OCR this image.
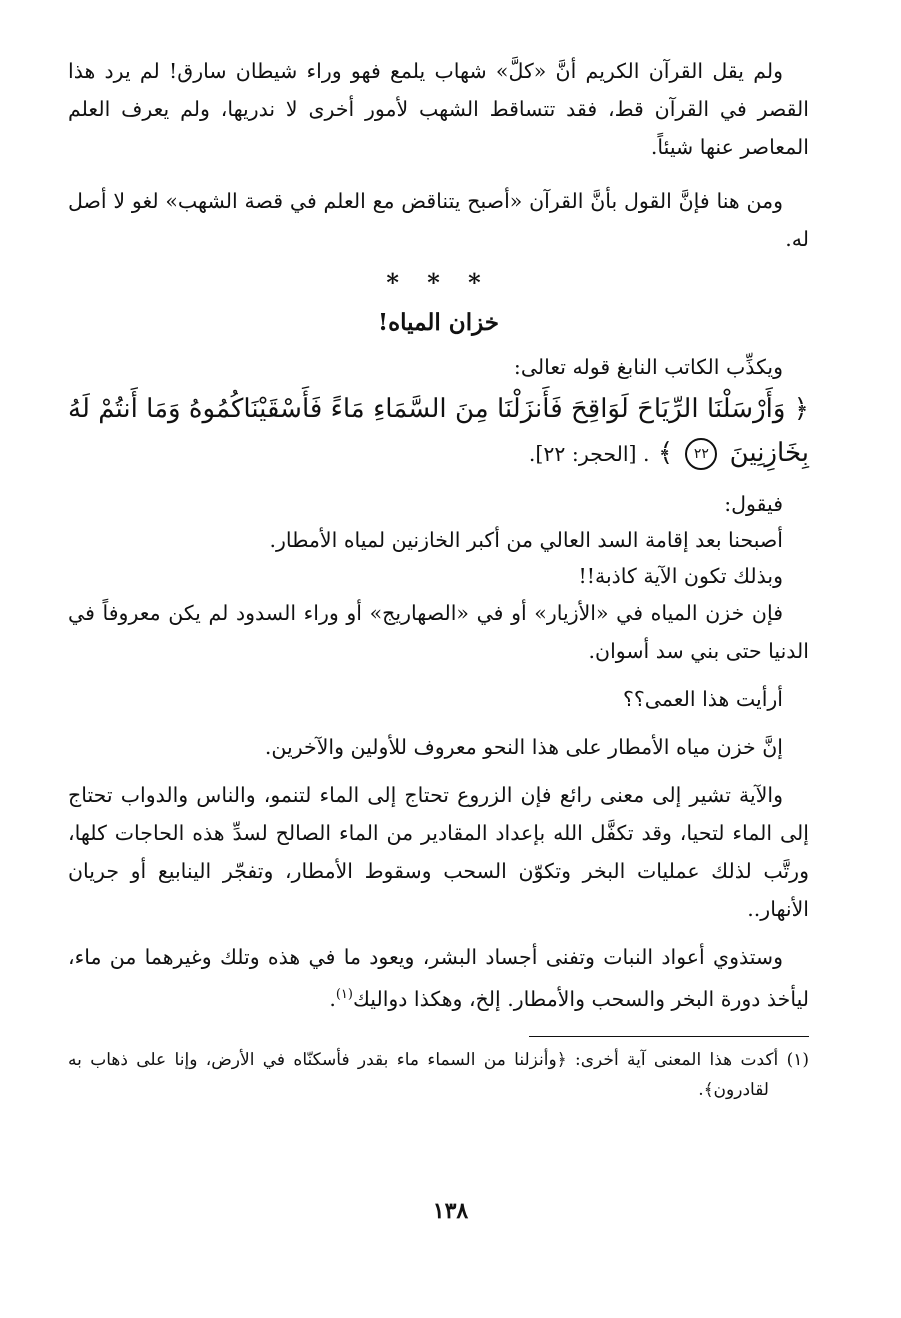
ولم يقل القرآن الكريم أنَّ «كلَّ» شهاب يلمع فهو وراء شيطان سارق! لم يرد هذا القصر في القرآن قط، فقد تتساقط الشهب لأمور أخرى لا ندريها، ولم يعرف العلم المعاصر عنها شيئاً.

ومن هنا فإنَّ القول بأنَّ القرآن «أصبح يتناقض مع العلم في قصة الشهب» لغو لا أصل له.

* * *
خزان المياه!

ويكذِّب الكاتب النابغ قوله تعالى:

﴿ وَأَرْسَلْنَا الرِّيَاحَ لَوَاقِحَ فَأَنزَلْنَا مِنَ السَّمَاءِ مَاءً فَأَسْقَيْنَاكُمُوهُ وَمَا أَنتُمْ لَهُ بِخَازِنِينَ ٢٢ ﴾ . [الحجر: ٢٢].

فيقول:

أصبحنا بعد إقامة السد العالي من أكبر الخازنين لمياه الأمطار.

وبذلك تكون الآية كاذبة!!

فإن خزن المياه في «الأزيار» أو في «الصهاريج» أو وراء السدود لم يكن معروفاً في الدنيا حتى بني سد أسوان.

أرأيت هذا العمى؟؟

إنَّ خزن مياه الأمطار على هذا النحو معروف للأولين والآخرين.

والآية تشير إلى معنى رائع فإن الزروع تحتاج إلى الماء لتنمو، والناس والدواب تحتاج إلى الماء لتحيا، وقد تكفَّل الله بإعداد المقادير من الماء الصالح لسدِّ هذه الحاجات كلها، ورتَّب لذلك عمليات البخر وتكوّن السحب وسقوط الأمطار، وتفجّر الينابيع أو جريان الأنهار..

وستذوي أعواد النبات وتفنى أجساد البشر، ويعود ما في هذه وتلك وغيرهما من ماء، ليأخذ دورة البخر والسحب والأمطار. إلخ، وهكذا دواليك$^{(١)}$.

(١) أكدت هذا المعنى آية أخرى: ﴿وأنزلنا من السماء ماء بقدر فأسكنّاه في الأرض، وإنا على ذهاب به لقادرون﴾.

١٣٨
